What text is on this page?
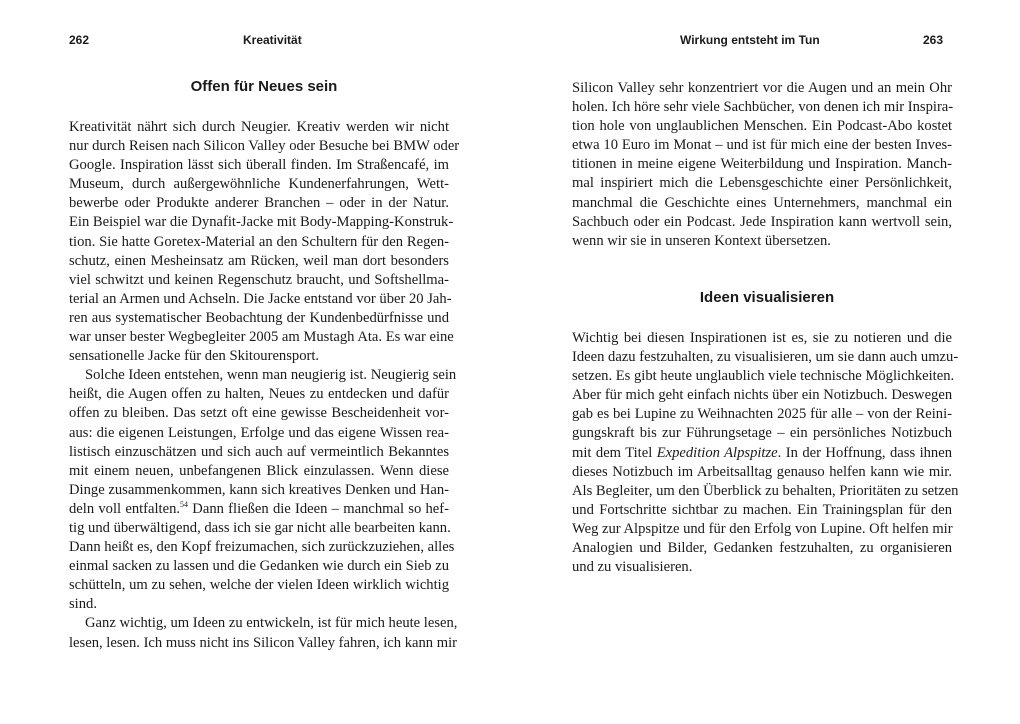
262	Kreativität
Offen für Neues sein
Kreativität nährt sich durch Neugier. Kreativ werden wir nicht
nur durch Reisen nach Silicon Valley oder Besuche bei BMW oder
Google. Inspiration lässt sich überall finden. Im Straßencafé, im
Museum, durch außergewöhnliche Kundenerfahrungen, Wett-
bewerbe oder Produkte anderer Branchen – oder in der Natur.
Ein Beispiel war die Dynafit-Jacke mit Body-Mapping-Konstruk-
tion. Sie hatte Goretex-Material an den Schultern für den Regen-
schutz, einen Mesheinsatz am Rücken, weil man dort besonders
viel schwitzt und keinen Regenschutz braucht, und Softshellma-
terial an Armen und Achseln. Die Jacke entstand vor über 20 Jah-
ren aus systematischer Beobachtung der Kundenbedürfnisse und
war unser bester Wegbegleiter 2005 am Mustagh Ata. Es war eine
sensationelle Jacke für den Skitourensport.
Solche Ideen entstehen, wenn man neugierig ist. Neugierig sein
heißt, die Augen offen zu halten, Neues zu entdecken und dafür
offen zu bleiben. Das setzt oft eine gewisse Bescheidenheit vor-
aus: die eigenen Leistungen, Erfolge und das eigene Wissen rea-
listisch einzuschätzen und sich auch auf vermeintlich Bekanntes
mit einem neuen, unbefangenen Blick einzulassen. Wenn diese
Dinge zusammenkommen, kann sich kreatives Denken und Han-
deln voll entfalten.$^{54}$ Dann fließen die Ideen – manchmal so hef-
tig und überwältigend, dass ich sie gar nicht alle bearbeiten kann.
Dann heißt es, den Kopf freizumachen, sich zurückzuziehen, alles
einmal sacken zu lassen und die Gedanken wie durch ein Sieb zu
schütteln, um zu sehen, welche der vielen Ideen wirklich wichtig
sind.
Ganz wichtig, um Ideen zu entwickeln, ist für mich heute lesen,
lesen, lesen. Ich muss nicht ins Silicon Valley fahren, ich kann mir
Wirkung entsteht im Tun	263
Silicon Valley sehr konzentriert vor die Augen und an mein Ohr
holen. Ich höre sehr viele Sachbücher, von denen ich mir Inspira-
tion hole von unglaublichen Menschen. Ein Podcast-Abo kostet
etwa 10 Euro im Monat – und ist für mich eine der besten Inves-
titionen in meine eigene Weiterbildung und Inspiration. Manch-
mal inspiriert mich die Lebensgeschichte einer Persönlichkeit,
manchmal die Geschichte eines Unternehmers, manchmal ein
Sachbuch oder ein Podcast. Jede Inspiration kann wertvoll sein,
wenn wir sie in unseren Kontext übersetzen.
Ideen visualisieren
Wichtig bei diesen Inspirationen ist es, sie zu notieren und die
Ideen dazu festzuhalten, zu visualisieren, um sie dann auch umzu-
setzen. Es gibt heute unglaublich viele technische Möglichkeiten.
Aber für mich geht einfach nichts über ein Notizbuch. Deswegen
gab es bei Lupine zu Weihnachten 2025 für alle – von der Reini-
gungskraft bis zur Führungsetage – ein persönliches Notizbuch
mit dem Titel Expedition Alpspitze. In der Hoffnung, dass ihnen
dieses Notizbuch im Arbeitsalltag genauso helfen kann wie mir.
Als Begleiter, um den Überblick zu behalten, Prioritäten zu setzen
und Fortschritte sichtbar zu machen. Ein Trainingsplan für den
Weg zur Alpspitze und für den Erfolg von Lupine. Oft helfen mir
Analogien und Bilder, Gedanken festzuhalten, zu organisieren
und zu visualisieren.
